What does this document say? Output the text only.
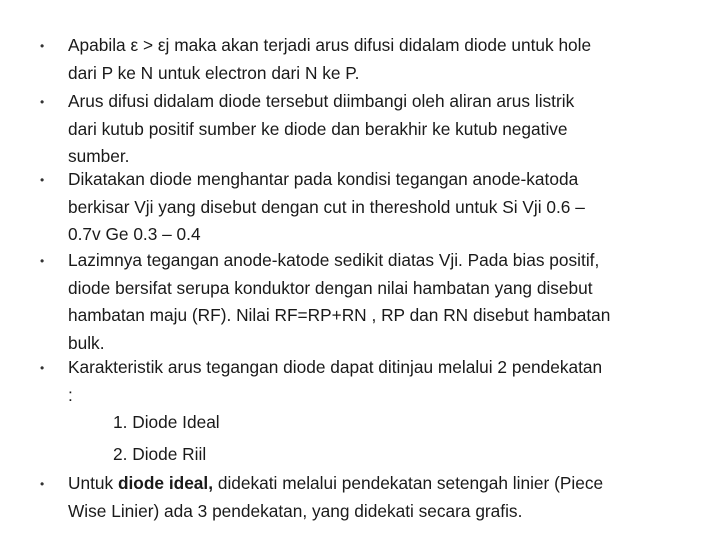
• Apabila ε > εj maka akan terjadi arus difusi didalam diode untuk hole
dari P ke N untuk electron dari N ke P.

• Arus difusi didalam diode tersebut diimbangi oleh aliran arus listrik
dari kutub positif sumber ke diode dan berakhir ke kutub negative
sumber.

• Dikatakan diode menghantar pada kondisi tegangan anode-katoda
berkisar Vji yang disebut dengan cut in thereshold untuk Si Vji 0.6 –
0.7v Ge 0.3 – 0.4

• Lazimnya tegangan anode-katode sedikit diatas Vji. Pada bias positif,
diode bersifat serupa konduktor dengan nilai hambatan yang disebut
hambatan maju (RF). Nilai RF=RP+RN , RP dan RN disebut hambatan
bulk.

• Karakteristik arus tegangan diode dapat ditinjau melalui 2 pendekatan
:

1. Diode Ideal
2. Diode Riil
• Untuk diode ideal, didekati melalui pendekatan setengah linier (Piece
Wise Linier) ada 3 pendekatan, yang didekati secara grafis.
